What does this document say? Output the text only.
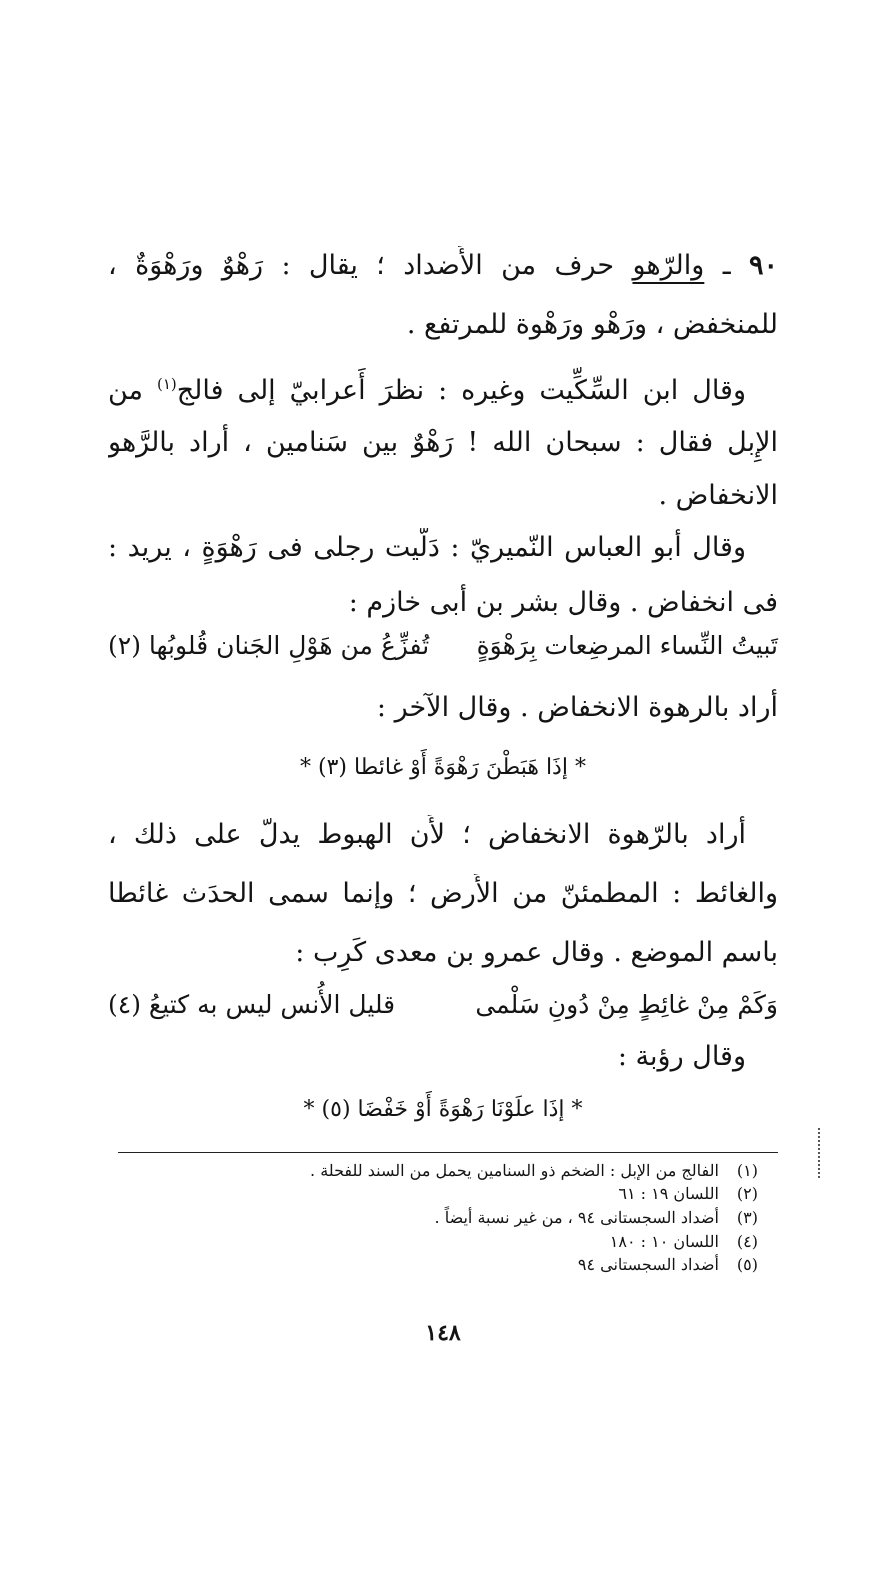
٩٠ ـ والرّهو حرف من الأَضداد ؛ يقال : رَهْوٌ ورَهْوَةٌ ،
للمنخفض ، ورَهْو ورَهْوة للمرتفع .
وقال ابن السِّكِّيت وغيره : نظرَ أَعرابيّ إلى فالج$^{(١)}$ من
الإِبل فقال : سبحان الله ! رَهْوٌ بين سَنامين ، أَراد بالرَّهو
الانخفاض .
وقال أَبو العباس النّميريّ : دَلَّيت رجلى فى رَهْوَةٍ ، يريد :
فى انخفاض . وقال بشر بن أَبى خازم :
تَبيتُ النِّساء المرضِعات بِرَهْوَةٍ
تُفزِّعُ من هَوْلِ الجَنان قُلوبُها (٢)
أَراد بالرهوة الانخفاض . وقال الآخر :
* إذَا هَبَطْنَ رَهْوَةً أَوْ غائطا (٣) *
أَراد بالرّهوة الانخفاض ؛ لأَن الهبوط يدلّ على ذلك ،
والغائط : المطمئنّ من الأَرض ؛ وإنما سمى الحدَث غائطا
باسم الموضع . وقال عمرو بن معدى كَرِب :
وَكَمْ مِنْ غائِطٍ مِنْ دُونِ سَلْمى
قليل الأُنس ليس به كتيعُ (٤)
وقال رؤبة :
* إذَا علَوْنَا رَهْوَةً أَوْ خَفْضَا (٥) *
(١) الفالج من الإبل : الضخم ذو السنامين يحمل من السند للفحلة .
(٢) اللسان ١٩ : ٦١
(٣) أضداد السجستانى ٩٤ ، من غير نسبة أيضاً .
(٤) اللسان ١٠ : ١٨٠
(٥) أضداد السجستانى ٩٤
١٤٨
